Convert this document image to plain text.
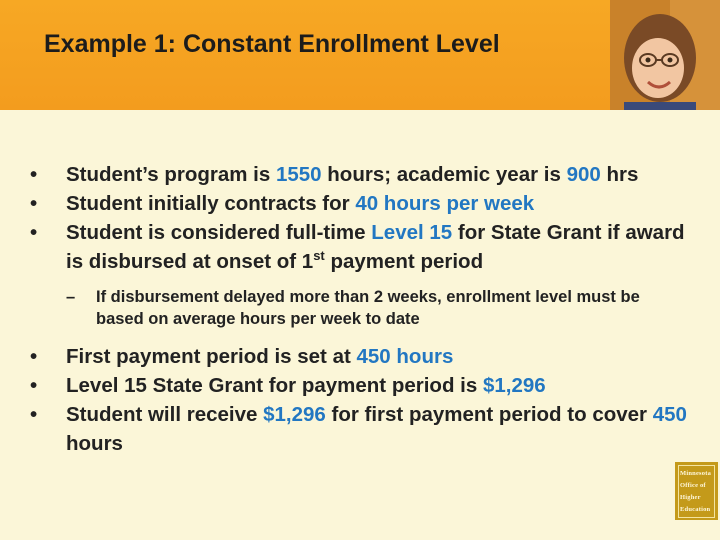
Example 1: Constant Enrollment Level
• Student’s program is 1550 hours; academic year is 900 hrs
• Student initially contracts for 40 hours per week
• Student is considered full-time Level 15 for State Grant if award is disbursed at onset of 1st payment period
– If disbursement delayed more than 2 weeks, enrollment level must be based on average hours per week to date
• First payment period is set at 450 hours
• Level 15 State Grant for payment period is $1,296
• Student will receive $1,296 for first payment period to cover 450 hours
Minnesota
Office of
Higher
Education
